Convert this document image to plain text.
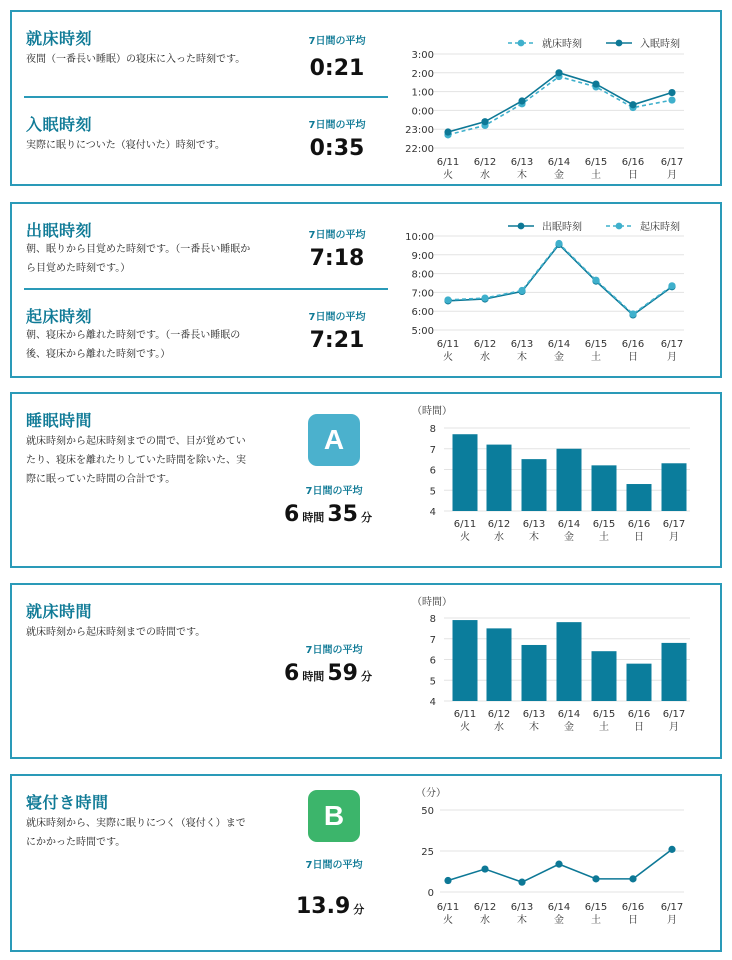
就床時刻
夜間（一番長い睡眠）の寝床に入った時刻です。
7日間の平均
0:21
入眠時刻
実際に眠りについた（寝付いた）時刻です。
7日間の平均
0:35
3:00
2:00
1:00
0:00
23:00
22:00
6/11
火
6/12
水
6/13
木
6/14
金
6/15
土
6/16
日
6/17
月
就床時刻	入眠時刻
出眠時刻
朝、眠りから目覚めた時刻です。（一番長い睡眠か
ら目覚めた時刻です。）
7日間の平均
7:18
起床時刻
朝、寝床から離れた時刻です。（一番長い睡眠の
後、寝床から離れた時刻です。）
7日間の平均
7:21
10:00
9:00
8:00
7:00
6:00
5:00
6/11
火
6/12
水
6/13
木
6/14
金
6/15
土
6/16
日
6/17
月
出眠時刻	起床時刻
睡眠時間
就床時刻から起床時刻までの間で、目が覚めてい
たり、寝床を離れたりしていた時間を除いた、実
際に眠っていた時間の合計です。
A
7日間の平均
6 時間 35 分
（時間）
8
7
6
5
4
6/11
火
6/12
水
6/13
木
6/14
金
6/15
土
6/16
日
6/17
月
就床時間
就床時刻から起床時刻までの時間です。
7日間の平均
6 時間 59 分
（時間）
8
7
6
5
4
6/11
火
6/12
水
6/13
木
6/14
金
6/15
土
6/16
日
6/17
月
寝付き時間
就床時刻から、実際に眠りにつく（寝付く）まで
にかかった時間です。
B
7日間の平均
13.9 分
（分）
50
25
0
6/11
火
6/12
水
6/13
木
6/14
金
6/15
土
6/16
日
6/17
月
